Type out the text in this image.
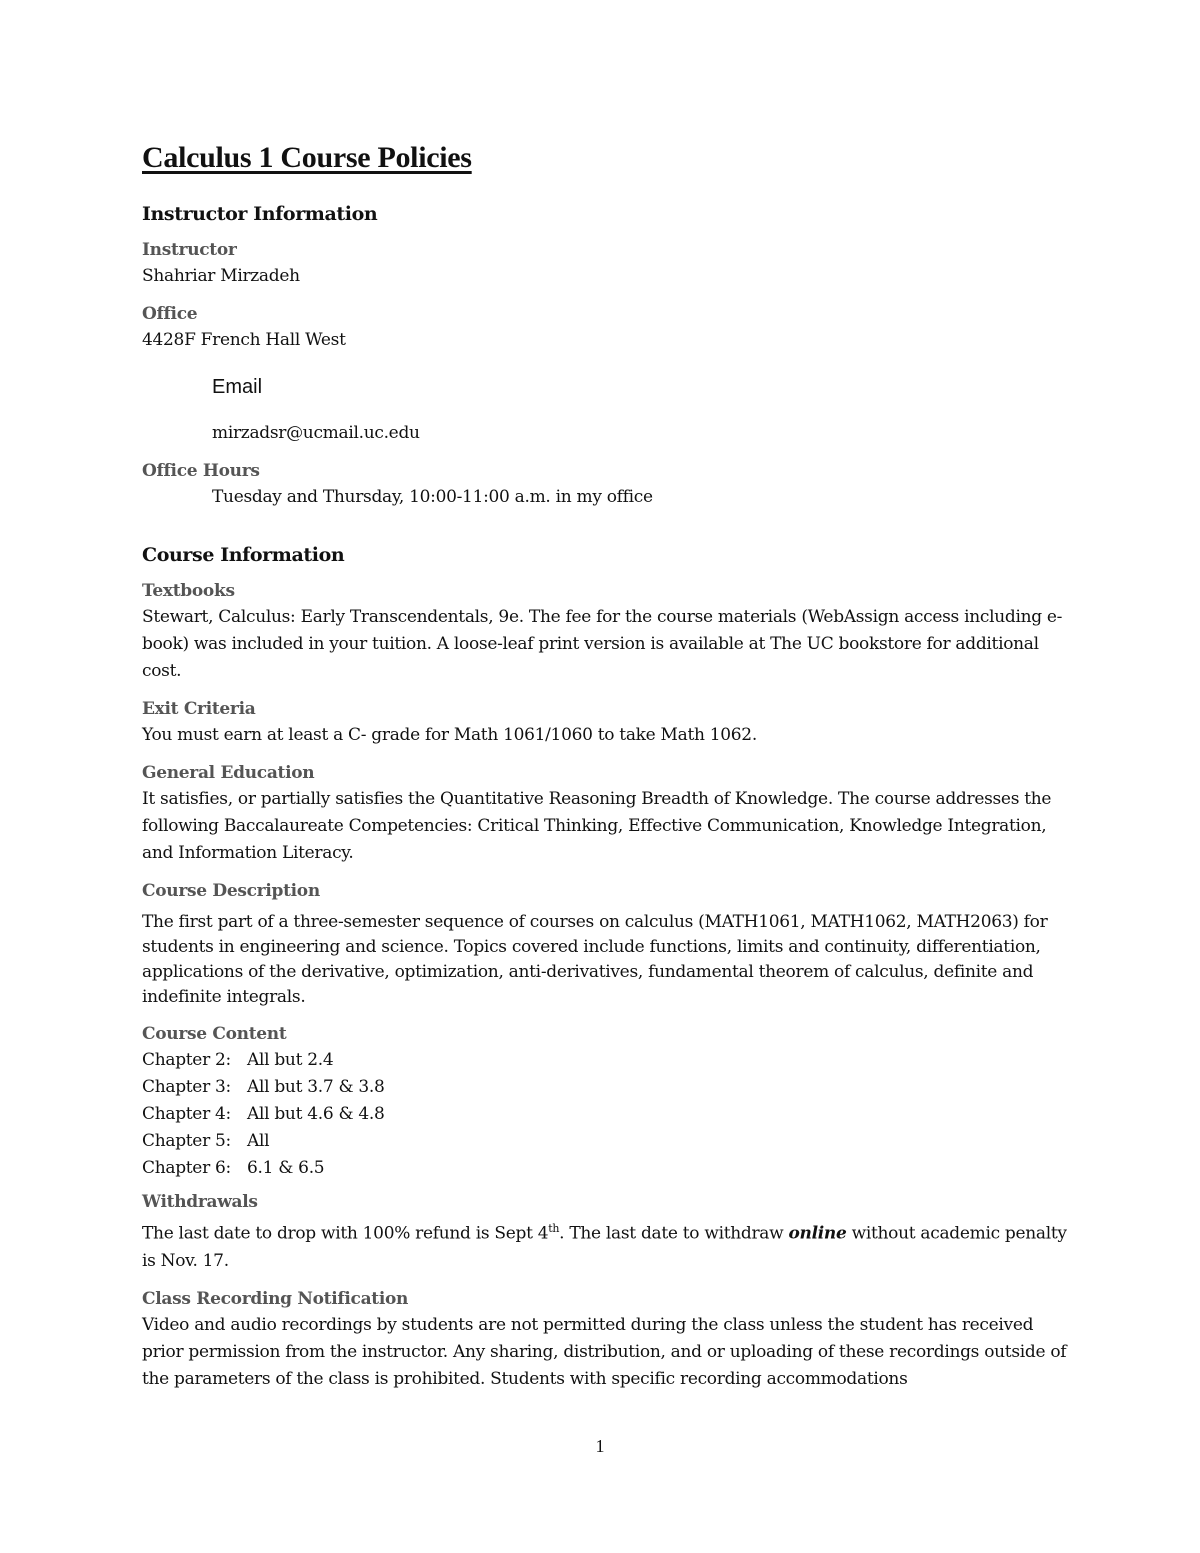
Calculus 1 Course Policies
Instructor Information

Instructor

Shahriar Mirzadeh

Office

4428F French Hall West

Email

mirzadsr@ucmail.uc.edu

Office Hours

Tuesday and Thursday, 10:00-11:00 a.m. in my office

Course Information

Textbooks

Stewart, Calculus: Early Transcendentals, 9e. The fee for the course materials (WebAssign access including e-book) was included in your tuition. A loose-leaf print version is available at The UC bookstore for additional cost.

Exit Criteria

You must earn at least a C- grade for Math 1061/1060 to take Math 1062.

General Education

It satisfies, or partially satisfies the Quantitative Reasoning Breadth of Knowledge. The course addresses the following Baccalaureate Competencies: Critical Thinking, Effective Communication, Knowledge Integration, and Information Literacy.

Course Description

The first part of a three-semester sequence of courses on calculus (MATH1061, MATH1062, MATH2063) for students in engineering and science. Topics covered include functions, limits and continuity, differentiation, applications of the derivative, optimization, anti-derivatives, fundamental theorem of calculus, definite and indefinite integrals.

Course Content

Chapter 2: All but 2.4
Chapter 3: All but 3.7 & 3.8
Chapter 4: All but 4.6 & 4.8
Chapter 5: All
Chapter 6: 6.1 & 6.5

Withdrawals

The last date to drop with 100% refund is Sept 4th. The last date to withdraw online without academic penalty is Nov. 17.

Class Recording Notification

Video and audio recordings by students are not permitted during the class unless the student has received prior permission from the instructor. Any sharing, distribution, and or uploading of these recordings outside of the parameters of the class is prohibited. Students with specific recording accommodations

1
